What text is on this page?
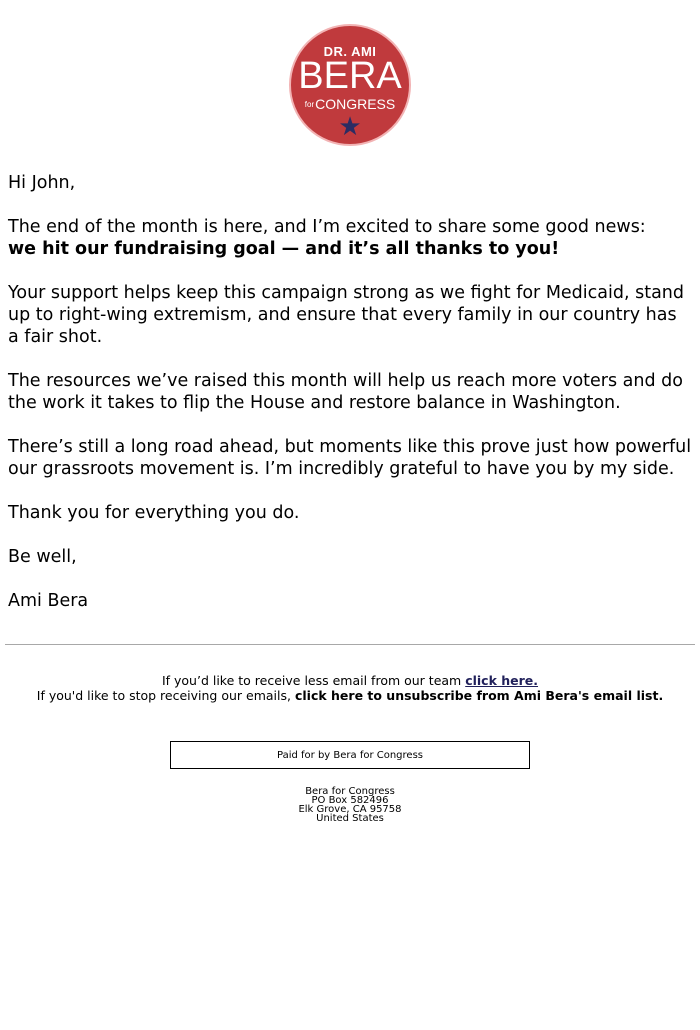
DR. AMI
BERA
forCONGRESS
★

Hi John,

The end of the month is here, and I’m excited to share some good news:
we hit our fundraising goal — and it’s all thanks to you!

Your support helps keep this campaign strong as we fight for Medicaid, stand up to right-wing extremism, and ensure that every family in our country has a fair shot.

The resources we’ve raised this month will help us reach more voters and do the work it takes to flip the House and restore balance in Washington.

There’s still a long road ahead, but moments like this prove just how powerful our grassroots movement is. I’m incredibly grateful to have you by my side.

Thank you for everything you do.

Be well,

Ami Bera

If you’d like to receive less email from our team click here.
If you'd like to stop receiving our emails, click here to unsubscribe from Ami Bera's email list.
Paid for by Bera for Congress
Bera for Congress
PO Box 582496
Elk Grove, CA 95758
United States
